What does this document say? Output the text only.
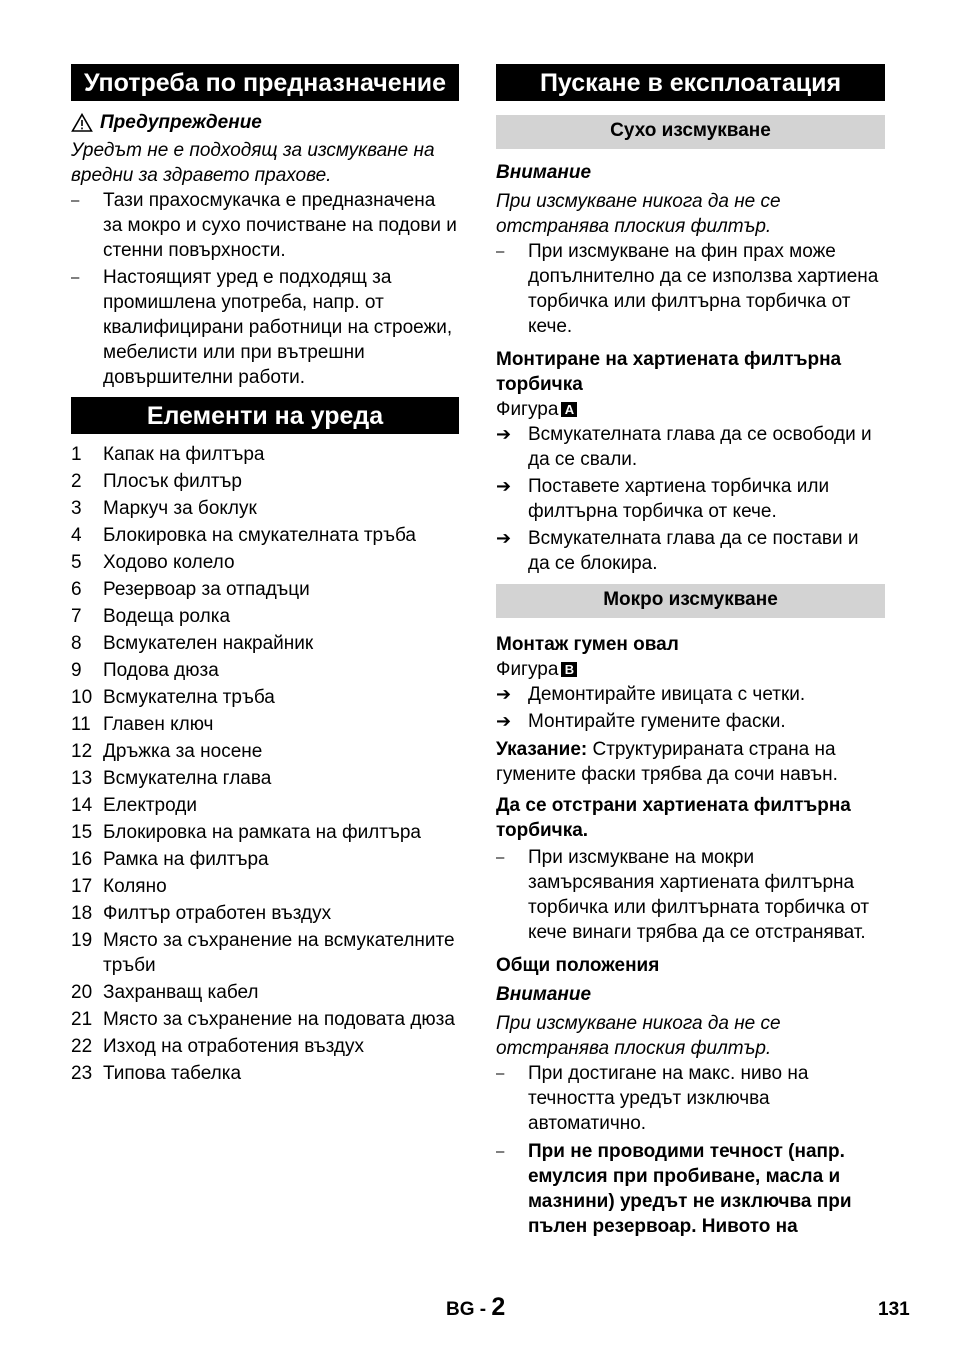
Употреба по предназначение
Предупреждение

Уредът не е подходящ за изсмукване на вредни за здравето прахове.

–	Тази прахосмукачка е предназначена за мокро и сухо почистване на подови и стенни повърхности.
–	Настоящият уред е подходящ за промишлена употреба, напр. от квалифицирани работници на строежи, мебелисти или при вътрешни довършителни работи.
Елементи на уреда
1	Капак на филтъра
2	Плосък филтър
3	Маркуч за боклук
4	Блокировка на смукателната тръба
5	Ходово колело
6	Резервоар за отпадъци
7	Водеща ролка
8	Всмукателен накрайник
9	Подова дюза
10 Всмукателна тръба
11 Главен ключ
12 Дръжка за носене
13 Всмукателна глава
14 Електроди
15 Блокировка на рамката на филтъра
16 Рамка на филтъра
17 Коляно
18 Филтър отработен въздух
19 Място за съхранение на всмукателните тръби
20 Захранващ кабел
21 Място за съхранение на подовата дюза
22 Изход на отработения въздух
23 Типова табелка
Пускане в експлоатация
Сухо изсмукване

Внимание

При изсмукване никога да не се отстранява плоския филтър.

–	При изсмукване на фин прах може допълнително да се използва хартиена торбичка или филтърна торбичка от кече.

Монтиране на хартиената филтърна торбичка

Фигура A

➔ Всмукателната глава да се освободи и да се свали.
➔ Поставете хартиена торбичка или филтърна торбичка от кече.
➔ Всмукателната глава да се постави и да се блокира.
Мокро изсмукване

Монтаж гумен овал

Фигура B

➔ Демонтирайте ивицата с четки.
➔ Монтирайте гумените фаски.

Указание: Структурираната страна на гумените фаски трябва да сочи навън.

Да се отстрани хартиената филтърна торбичка.

–	При изсмукване на мокри замърсявания хартиената филтърна торбичка или филтърната торбичка от кече винаги трябва да се отстраняват.

Общи положения

Внимание

При изсмукване никога да не се отстранява плоския филтър.

–	При достигане на макс. ниво на течността уредът изключва автоматично.
–	При не проводими течност (напр. емулсия при пробиване, масла и мазнини) уредът не изключва при пълен резервоар. Нивото на
BG - 2	131
